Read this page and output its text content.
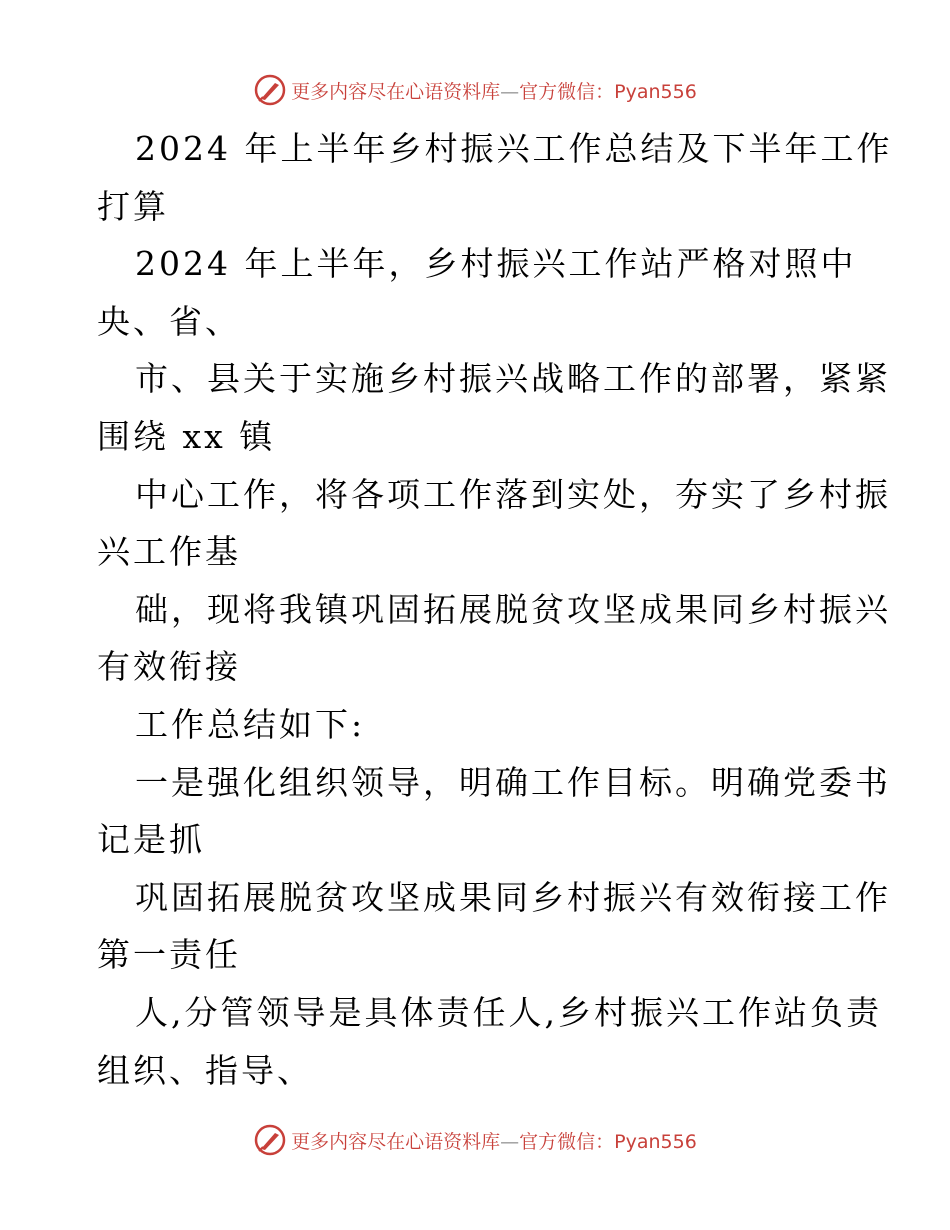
更多内容尽在心语资料库—官方微信：Pyan556
2024 年上半年乡村振兴工作总结及下半年工作
打算
2024 年上半年，乡村振兴工作站严格对照中
央、省、
市、县关于实施乡村振兴战略工作的部署，紧紧
围绕 xx 镇
中心工作，将各项工作落到实处，夯实了乡村振
兴工作基
础，现将我镇巩固拓展脱贫攻坚成果同乡村振兴
有效衔接
工作总结如下:
一是强化组织领导，明确工作目标。明确党委书
记是抓
巩固拓展脱贫攻坚成果同乡村振兴有效衔接工作
第一责任
人,分管领导是具体责任人,乡村振兴工作站负责
组织、指导、
更多内容尽在心语资料库—官方微信：Pyan556
